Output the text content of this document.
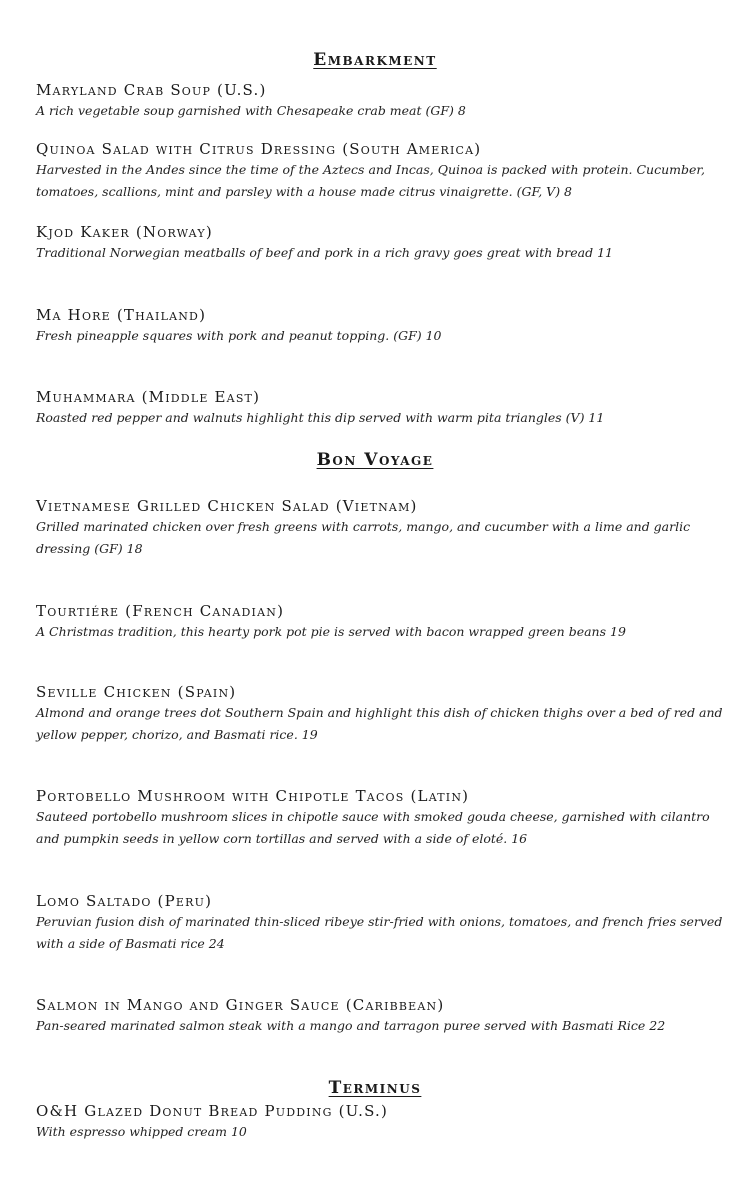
Embarkment
Maryland Crab Soup (U.S.)

A rich vegetable soup garnished with Chesapeake crab meat (GF) 8

Quinoa Salad with Citrus Dressing (South America)

Harvested in the Andes since the time of the Aztecs and Incas, Quinoa is packed with protein. Cucumber, tomatoes, scallions, mint and parsley with a house made citrus vinaigrette. (GF, V) 8

Kjod Kaker (Norway)

Traditional Norwegian meatballs of beef and pork in a rich gravy goes great with bread 11

Ma Hore (Thailand)

Fresh pineapple squares with pork and peanut topping. (GF) 10

Muhammara (Middle East)

Roasted red pepper and walnuts highlight this dip served with warm pita triangles (V) 11

Bon Voyage
Vietnamese Grilled Chicken Salad (Vietnam)

Grilled marinated chicken over fresh greens with carrots, mango, and cucumber with a lime and garlic dressing (GF) 18

Tourtiére (French Canadian)

A Christmas tradition, this hearty pork pot pie is served with bacon wrapped green beans 19

Seville Chicken (Spain)

Almond and orange trees dot Southern Spain and highlight this dish of chicken thighs over a bed of red and yellow pepper, chorizo, and Basmati rice. 19

Portobello Mushroom with Chipotle Tacos (Latin)

Sauteed portobello mushroom slices in chipotle sauce with smoked gouda cheese, garnished with cilantro and pumpkin seeds in yellow corn tortillas and served with a side of eloté. 16

Lomo Saltado (Peru)

Peruvian fusion dish of marinated thin-sliced ribeye stir-fried with onions, tomatoes, and french fries served with a side of Basmati rice 24

Salmon in Mango and Ginger Sauce (Caribbean)

Pan-seared marinated salmon steak with a mango and tarragon puree served with Basmati Rice 22

Terminus
O&H Glazed Donut Bread Pudding (U.S.)

With espresso whipped cream 10
